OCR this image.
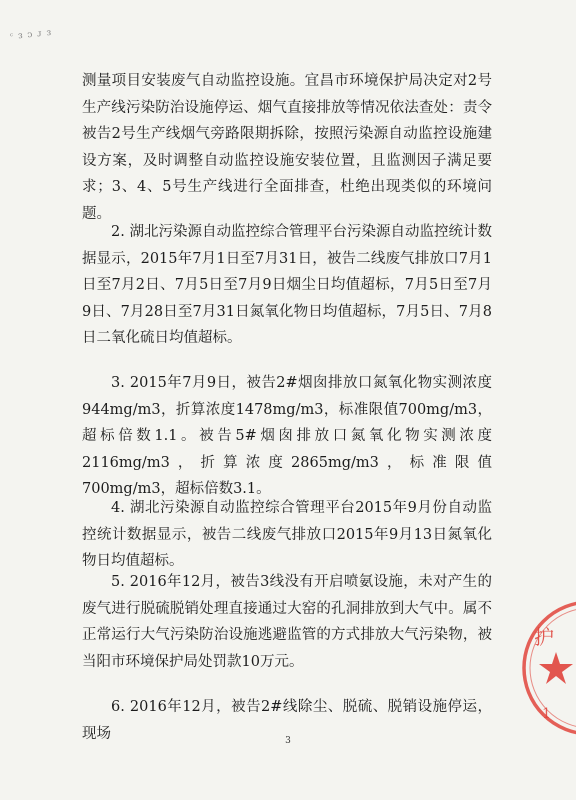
ᶜ ᴈ ᴐ ᴊ ᴈ

测量项目安装废气自动监控设施。宜昌市环境保护局决定对2号生产线污染防治设施停运、烟气直接排放等情况依法查处：责令被告2号生产线烟气旁路限期拆除，按照污染源自动监控设施建设方案，及时调整自动监控设施安装位置，且监测因子满足要求；3、4、5号生产线进行全面排查，杜绝出现类似的环境问题。

2. 湖北污染源自动监控综合管理平台污染源自动监控统计数据显示，2015年7月1日至7月31日，被告二线废气排放口7月1日至7月2日、7月5日至7月9日烟尘日均值超标，7月5日至7月9日、7月28日至7月31日氮氧化物日均值超标，7月5日、7月8日二氧化硫日均值超标。

3. 2015年7月9日，被告2#烟囱排放口氮氧化物实测浓度944mg/m3，折算浓度1478mg/m3，标准限值700mg/m3，超标倍数1.1。被告5#烟囱排放口氮氧化物实测浓度2116mg/m3，折算浓度2865mg/m3，标准限值700mg/m3，超标倍数3.1。

4. 湖北污染源自动监控综合管理平台2015年9月份自动监控统计数据显示，被告二线废气排放口2015年9月13日氮氧化物日均值超标。

5. 2016年12月，被告3线没有开启喷氨设施，未对产生的废气进行脱硫脱销处理直接通过大窑的孔洞排放到大气中。属不正常运行大气污染防治设施逃避监管的方式排放大气污染物，被当阳市环境保护局处罚款10万元。

6. 2016年12月，被告2#线除尘、脱硫、脱销设施停运，现场

护
1
3
